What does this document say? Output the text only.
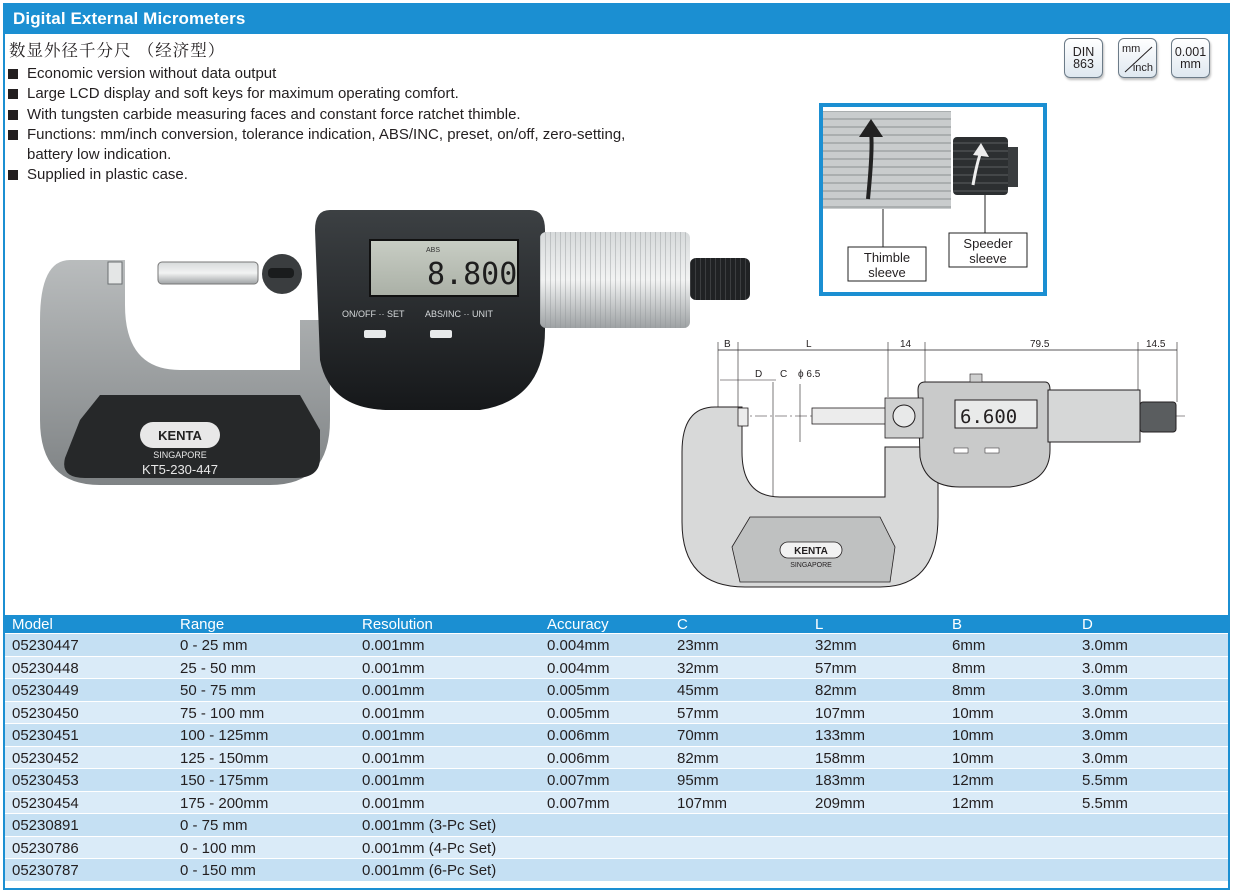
Digital External Micrometers
数显外径千分尺 （经济型）
Economic version without data output
Large LCD display and soft keys for maximum operating comfort.
With tungsten carbide measuring faces and constant force ratchet thimble.
Functions: mm/inch conversion, tolerance indication, ABS/INC, preset, on/off, zero-setting, battery low indication.
Supplied in plastic case.
DIN
863
mm
inch
0.001
mm
ABS
8.800
ON/OFF ·· SET ABS/INC ·· UNIT
KENTA
SINGAPORE
KT5-230-447
Thimble
sleeve
Speeder
sleeve
B	L	14	79.5	14.5
D C ϕ 6.5
6.600
KENTA
SINGAPORE
Model	Range	Resolution	Accuracy	C	L	B	D
05230447	0 - 25 mm	0.001mm	0.004mm	23mm	32mm	6mm	3.0mm
05230448	25 - 50 mm	0.001mm	0.004mm	32mm	57mm	8mm	3.0mm
05230449	50 - 75 mm	0.001mm	0.005mm	45mm	82mm	8mm	3.0mm
05230450	75 - 100 mm	0.001mm	0.005mm	57mm	107mm	10mm	3.0mm
05230451	100 - 125mm	0.001mm	0.006mm	70mm	133mm	10mm	3.0mm
05230452	125 - 150mm	0.001mm	0.006mm	82mm	158mm	10mm	3.0mm
05230453	150 - 175mm	0.001mm	0.007mm	95mm	183mm	12mm	5.5mm
05230454	175 - 200mm	0.001mm	0.007mm	107mm	209mm	12mm	5.5mm
05230891	0 - 75 mm	0.001mm (3-Pc Set)
05230786	0 - 100 mm	0.001mm (4-Pc Set)
05230787	0 - 150 mm	0.001mm (6-Pc Set)
